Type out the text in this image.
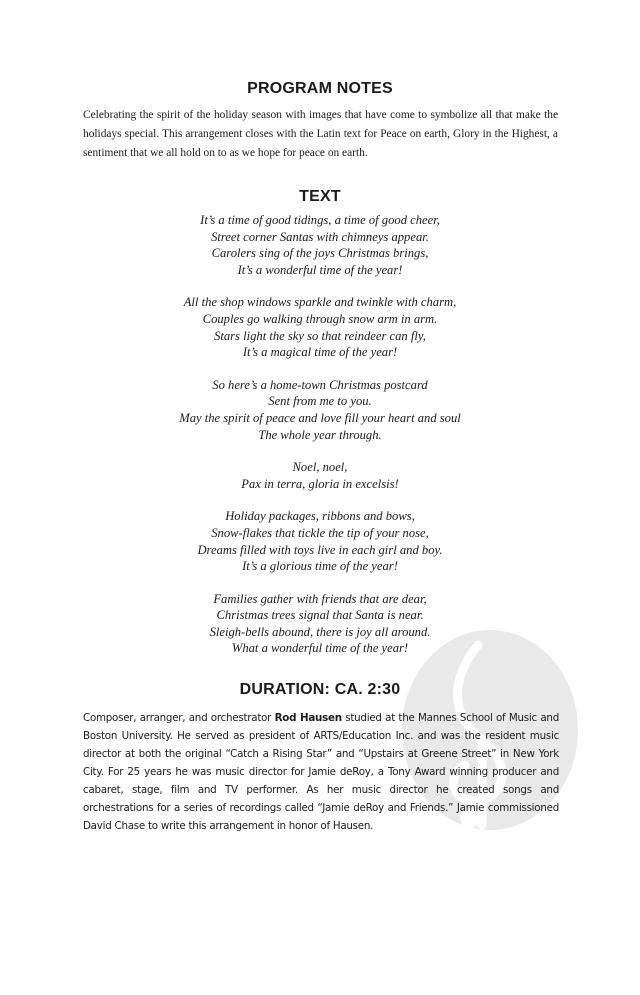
PROGRAM NOTES

Celebrating the spirit of the holiday season with images that have come to symbolize all that make the holidays special. This arrangement closes with the Latin text for Peace on earth, Glory in the Highest, a sentiment that we all hold on to as we hope for peace on earth.

TEXT
It’s a time of good tidings, a time of good cheer,
Street corner Santas with chimneys appear.
Carolers sing of the joys Christmas brings,
It’s a wonderful time of the year!
All the shop windows sparkle and twinkle with charm,
Couples go walking through snow arm in arm.
Stars light the sky so that reindeer can fly,
It’s a magical time of the year!
So here’s a home-town Christmas postcard
Sent from me to you.
May the spirit of peace and love fill your heart and soul
The whole year through.
Noel, noel,
Pax in terra, gloria in excelsis!
Holiday packages, ribbons and bows,
Snow-flakes that tickle the tip of your nose,
Dreams filled with toys live in each girl and boy.
It’s a glorious time of the year!
Families gather with friends that are dear,
Christmas trees signal that Santa is near.
Sleigh-bells abound, there is joy all around.
What a wonderful time of the year!
DURATION: CA. 2:30

Composer, arranger, and orchestrator Rod Hausen studied at the Mannes School of Music and Boston University. He served as president of ARTS/Education Inc. and was the resident music director at both the original “Catch a Rising Star” and “Upstairs at Greene Street” in New York City. For 25 years he was music director for Jamie deRoy, a Tony Award winning producer and cabaret, stage, film and TV performer. As her music director he created songs and orchestrations for a series of recordings called “Jamie deRoy and Friends.” Jamie commissioned David Chase to write this arrangement in honor of Hausen.
